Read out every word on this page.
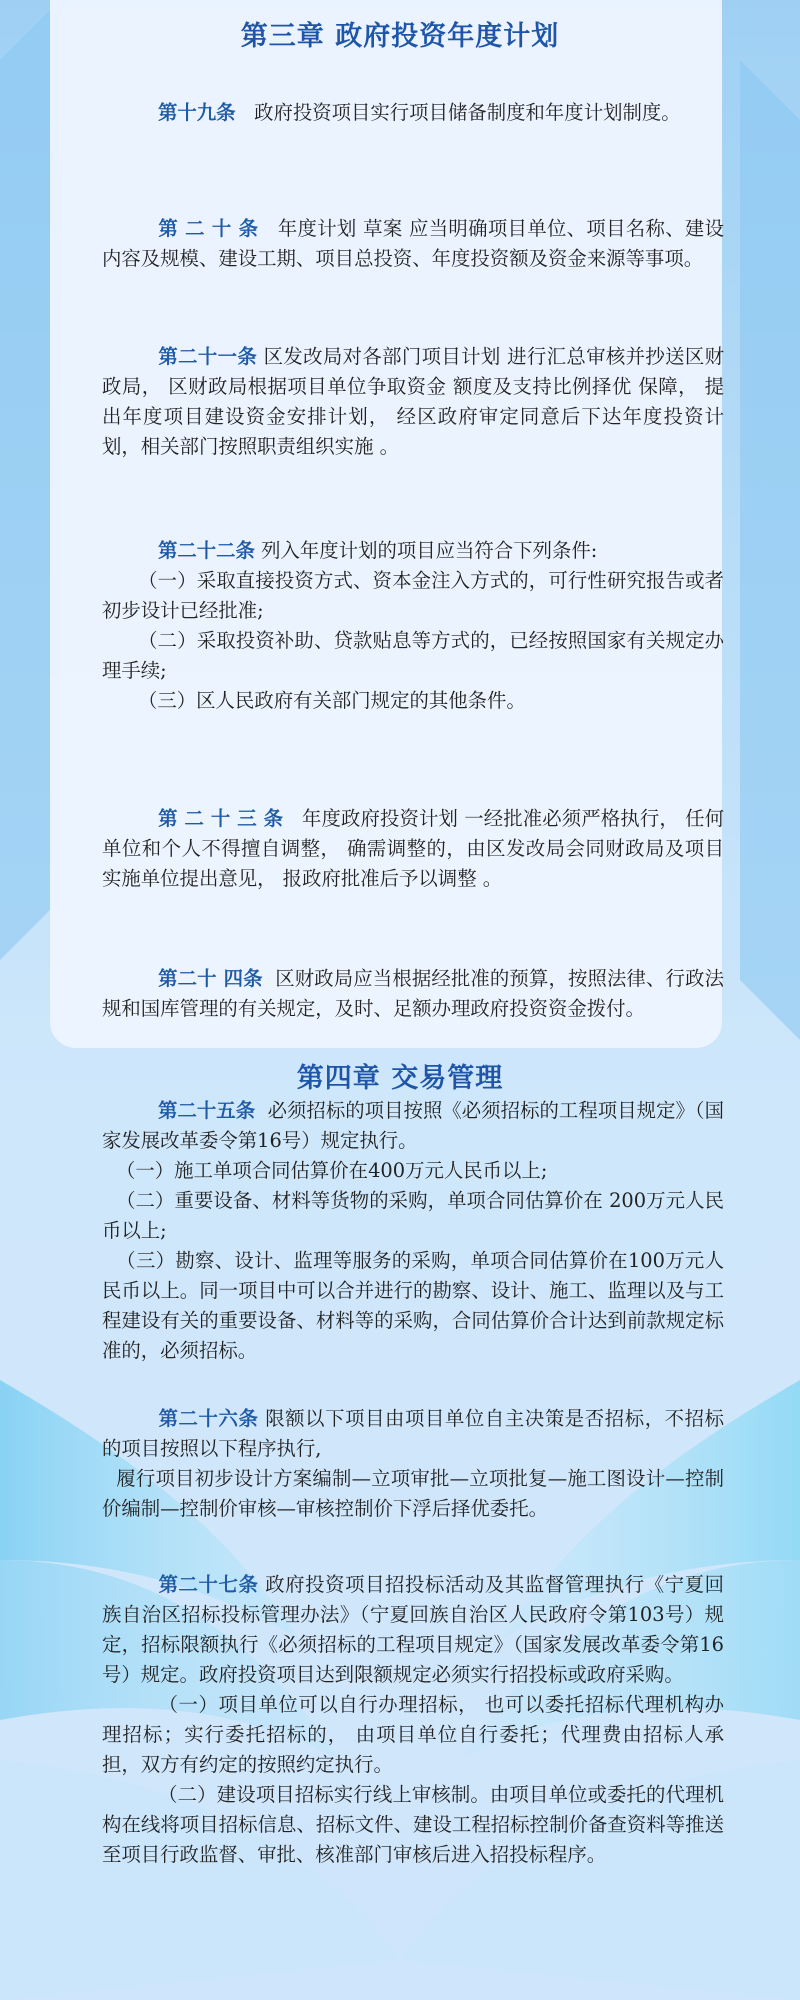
第三章 政府投资年度计划
第十九条 政府投资项目实行项目储备制度和年度计划制度。
第 二 十 条 年度计划 草案 应当明确项目单位、项目名称、建设内容及规模、建设工期、项目总投资、年度投资额及资金来源等事项。
第二十一条 区发改局对各部门项目计划 进行汇总审核并抄送区财政局， 区财政局根据项目单位争取资金 额度及支持比例择优 保障， 提出年度项目建设资金安排计划， 经区政府审定同意后下达年度投资计划，相关部门按照职责组织实施 。
第二十二条 列入年度计划的项目应当符合下列条件:
（一）采取直接投资方式、资本金注入方式的，可行性研究报告或者初步设计已经批准;
（二）采取投资补助、贷款贴息等方式的，已经按照国家有关规定办理手续;
（三）区人民政府有关部门规定的其他条件。
第 二 十 三 条 年度政府投资计划 一经批准必须严格执行， 任何单位和个人不得擅自调整， 确需调整的，由区发改局会同财政局及项目实施单位提出意见， 报政府批准后予以调整 。
第二十 四条 区财政局应当根据经批准的预算，按照法律、行政法规和国库管理的有关规定，及时、足额办理政府投资资金拨付。
第四章 交易管理
第二十五条 必须招标的项目按照《必须招标的工程项目规定》（国家发展改革委令第16号）规定执行。
（一）施工单项合同估算价在400万元人民币以上;
（二）重要设备、材料等货物的采购，单项合同估算价在 200万元人民币以上;
（三）勘察、设计、监理等服务的采购，单项合同估算价在100万元人民币以上。同一项目中可以合并进行的勘察、设计、施工、监理以及与工程建设有关的重要设备、材料等的采购，合同估算价合计达到前款规定标准的，必须招标。
第二十六条 限额以下项目由项目单位自主决策是否招标，不招标的项目按照以下程序执行,
履行项目初步设计方案编制—立项审批—立项批复—施工图设计—控制价编制—控制价审核—审核控制价下浮后择优委托。
第二十七条 政府投资项目招投标活动及其监督管理执行《宁夏回族自治区招标投标管理办法》（宁夏回族自治区人民政府令第103号）规定，招标限额执行《必须招标的工程项目规定》（国家发展改革委令第16号）规定。政府投资项目达到限额规定必须实行招投标或政府采购。
（一）项目单位可以自行办理招标， 也可以委托招标代理机构办理招标；实行委托招标的， 由项目单位自行委托；代理费由招标人承担，双方有约定的按照约定执行。
（二）建设项目招标实行线上审核制。由项目单位或委托的代理机构在线将项目招标信息、招标文件、建设工程招标控制价备查资料等推送至项目行政监督、审批、核准部门审核后进入招投标程序。
